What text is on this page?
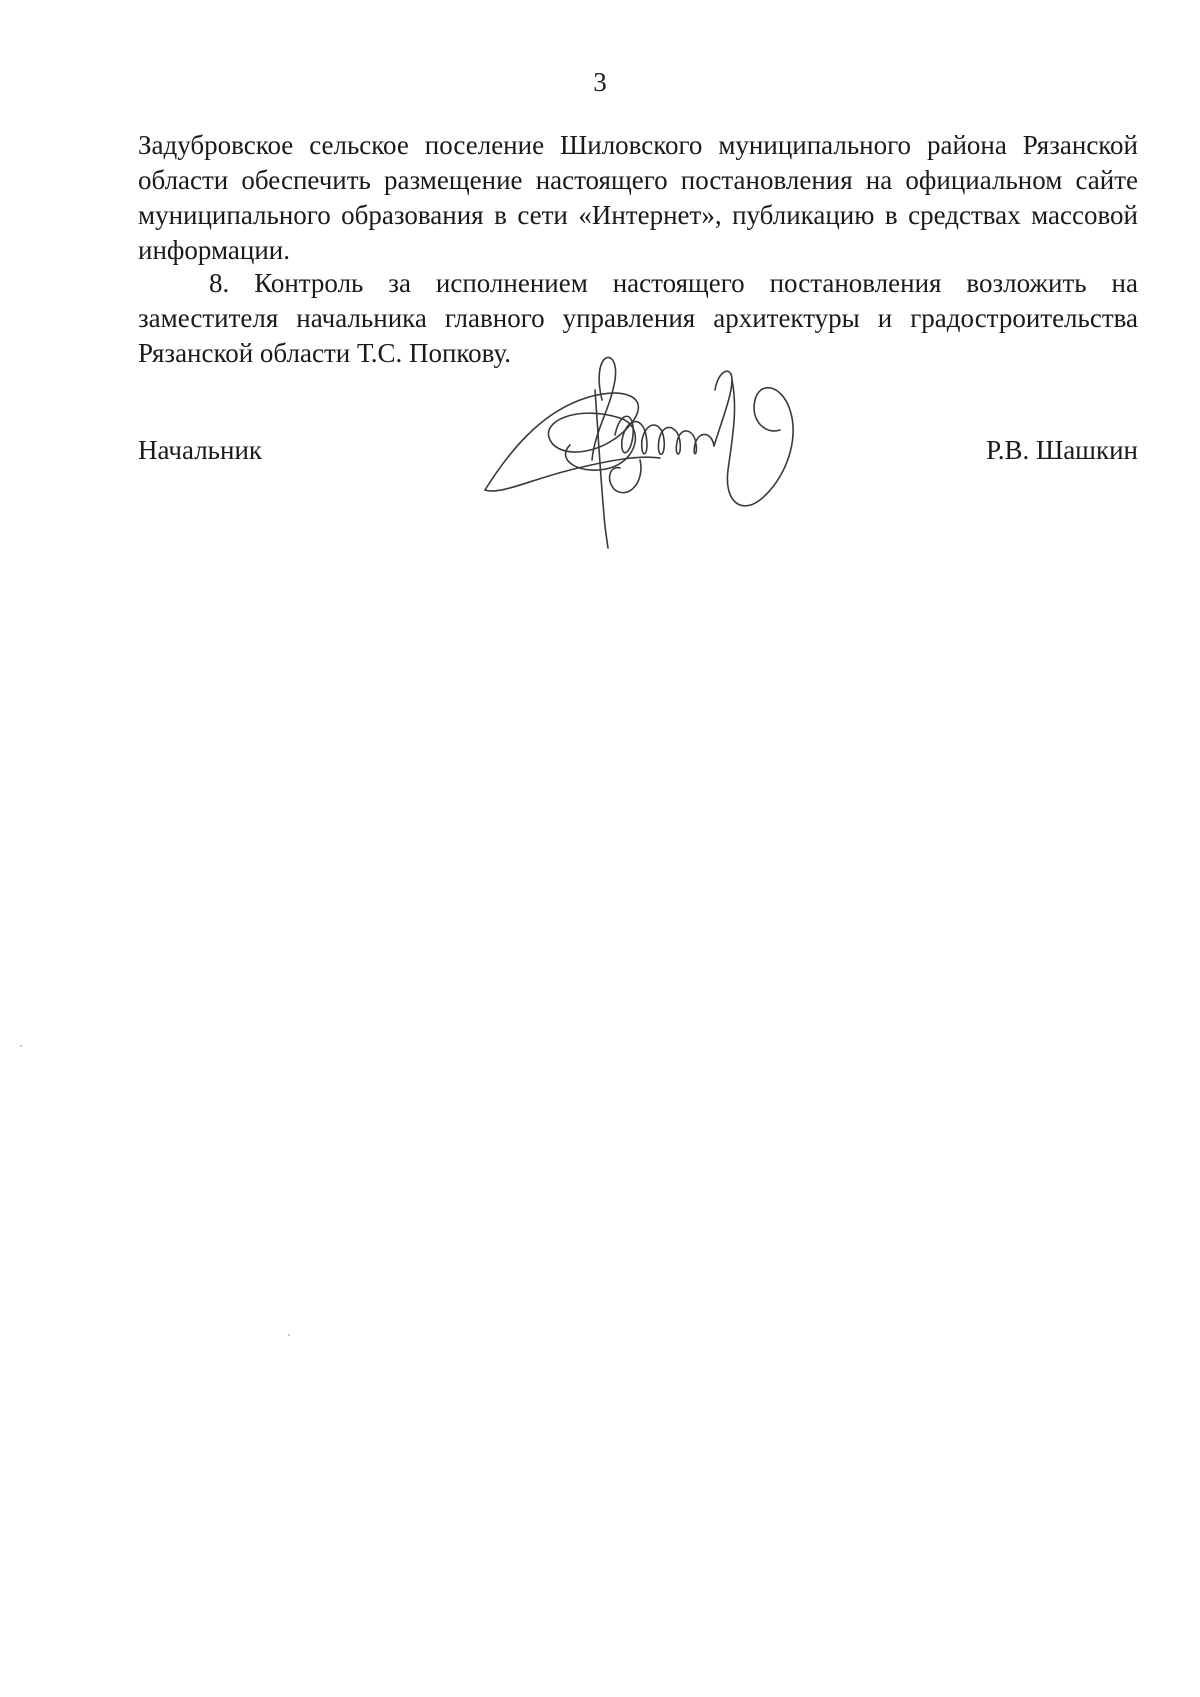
3

Задубровское сельское поселение Шиловского муниципального района Рязанской области обеспечить размещение настоящего постановления на официальном сайте муниципального образования в сети «Интернет», публикацию в средствах массовой информации.

8. Контроль за исполнением настоящего постановления возложить на заместителя начальника главного управления архитектуры и градостроительства Рязанской области Т.С. Попкову.

Начальник	Р.В. Шашкин
